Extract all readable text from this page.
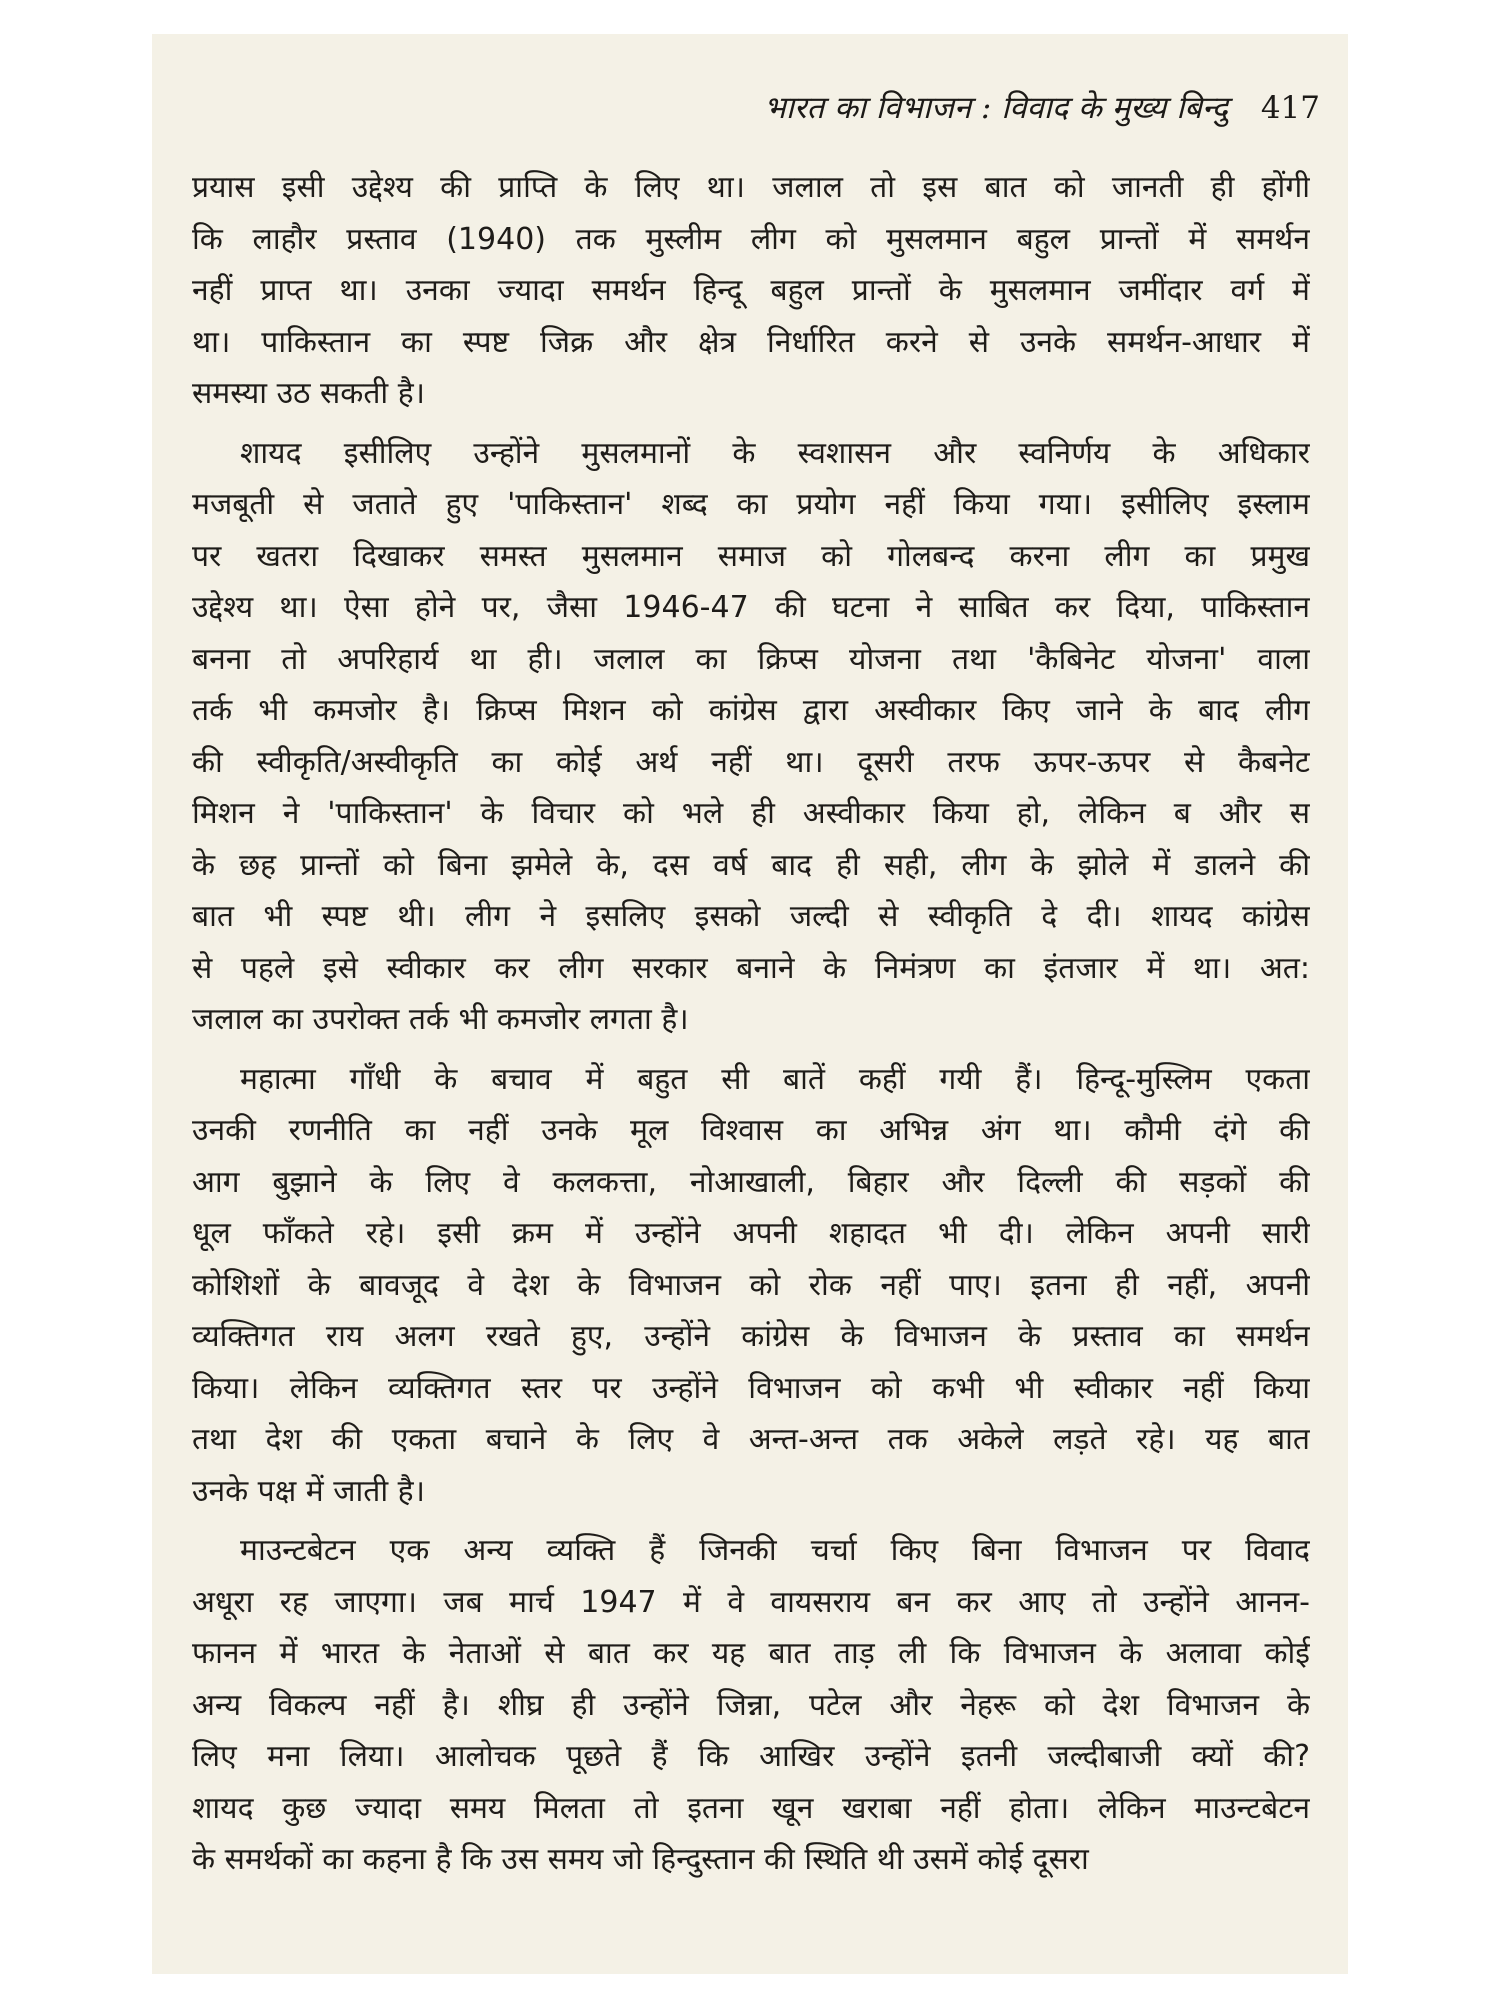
भारत का विभाजन : विवाद के मुख्य बिन्दु 417
प्रयास इसी उद्देश्य की प्राप्ति के लिए था। जलाल तो इस बात को जानती ही होंगी
कि लाहौर प्रस्ताव (1940) तक मुस्लीम लीग को मुसलमान बहुल प्रान्तों में समर्थन
नहीं प्राप्त था। उनका ज्यादा समर्थन हिन्दू बहुल प्रान्तों के मुसलमान जमींदार वर्ग में
था। पाकिस्तान का स्पष्ट जिक्र और क्षेत्र निर्धारित करने से उनके समर्थन-आधार में
समस्या उठ सकती है।
शायद इसीलिए उन्होंने मुसलमानों के स्वशासन और स्वनिर्णय के अधिकार
मजबूती से जताते हुए 'पाकिस्तान' शब्द का प्रयोग नहीं किया गया। इसीलिए इस्लाम
पर खतरा दिखाकर समस्त मुसलमान समाज को गोलबन्द करना लीग का प्रमुख
उद्देश्य था। ऐसा होने पर, जैसा 1946-47 की घटना ने साबित कर दिया, पाकिस्तान
बनना तो अपरिहार्य था ही। जलाल का क्रिप्स योजना तथा 'कैबिनेट योजना' वाला
तर्क भी कमजोर है। क्रिप्स मिशन को कांग्रेस द्वारा अस्वीकार किए जाने के बाद लीग
की स्वीकृति/अस्वीकृति का कोई अर्थ नहीं था। दूसरी तरफ ऊपर-ऊपर से कैबनेट
मिशन ने 'पाकिस्तान' के विचार को भले ही अस्वीकार किया हो, लेकिन ब और स
के छह प्रान्तों को बिना झमेले के, दस वर्ष बाद ही सही, लीग के झोले में डालने की
बात भी स्पष्ट थी। लीग ने इसलिए इसको जल्दी से स्वीकृति दे दी। शायद कांग्रेस
से पहले इसे स्वीकार कर लीग सरकार बनाने के निमंत्रण का इंतजार में था। अत:
जलाल का उपरोक्त तर्क भी कमजोर लगता है।
महात्मा गाँधी के बचाव में बहुत सी बातें कहीं गयी हैं। हिन्दू-मुस्लिम एकता
उनकी रणनीति का नहीं उनके मूल विश्वास का अभिन्न अंग था। कौमी दंगे की
आग बुझाने के लिए वे कलकत्ता, नोआखाली, बिहार और दिल्ली की सड़कों की
धूल फाँकते रहे। इसी क्रम में उन्होंने अपनी शहादत भी दी। लेकिन अपनी सारी
कोशिशों के बावजूद वे देश के विभाजन को रोक नहीं पाए। इतना ही नहीं, अपनी
व्यक्तिगत राय अलग रखते हुए, उन्होंने कांग्रेस के विभाजन के प्रस्ताव का समर्थन
किया। लेकिन व्यक्तिगत स्तर पर उन्होंने विभाजन को कभी भी स्वीकार नहीं किया
तथा देश की एकता बचाने के लिए वे अन्त-अन्त तक अकेले लड़ते रहे। यह बात
उनके पक्ष में जाती है।
माउन्टबेटन एक अन्य व्यक्ति हैं जिनकी चर्चा किए बिना विभाजन पर विवाद
अधूरा रह जाएगा। जब मार्च 1947 में वे वायसराय बन कर आए तो उन्होंने आनन-
फानन में भारत के नेताओं से बात कर यह बात ताड़ ली कि विभाजन के अलावा कोई
अन्य विकल्प नहीं है। शीघ्र ही उन्होंने जिन्ना, पटेल और नेहरू को देश विभाजन के
लिए मना लिया। आलोचक पूछते हैं कि आखिर उन्होंने इतनी जल्दीबाजी क्यों की?
शायद कुछ ज्यादा समय मिलता तो इतना खून खराबा नहीं होता। लेकिन माउन्टबेटन
के समर्थकों का कहना है कि उस समय जो हिन्दुस्तान की स्थिति थी उसमें कोई दूसरा
